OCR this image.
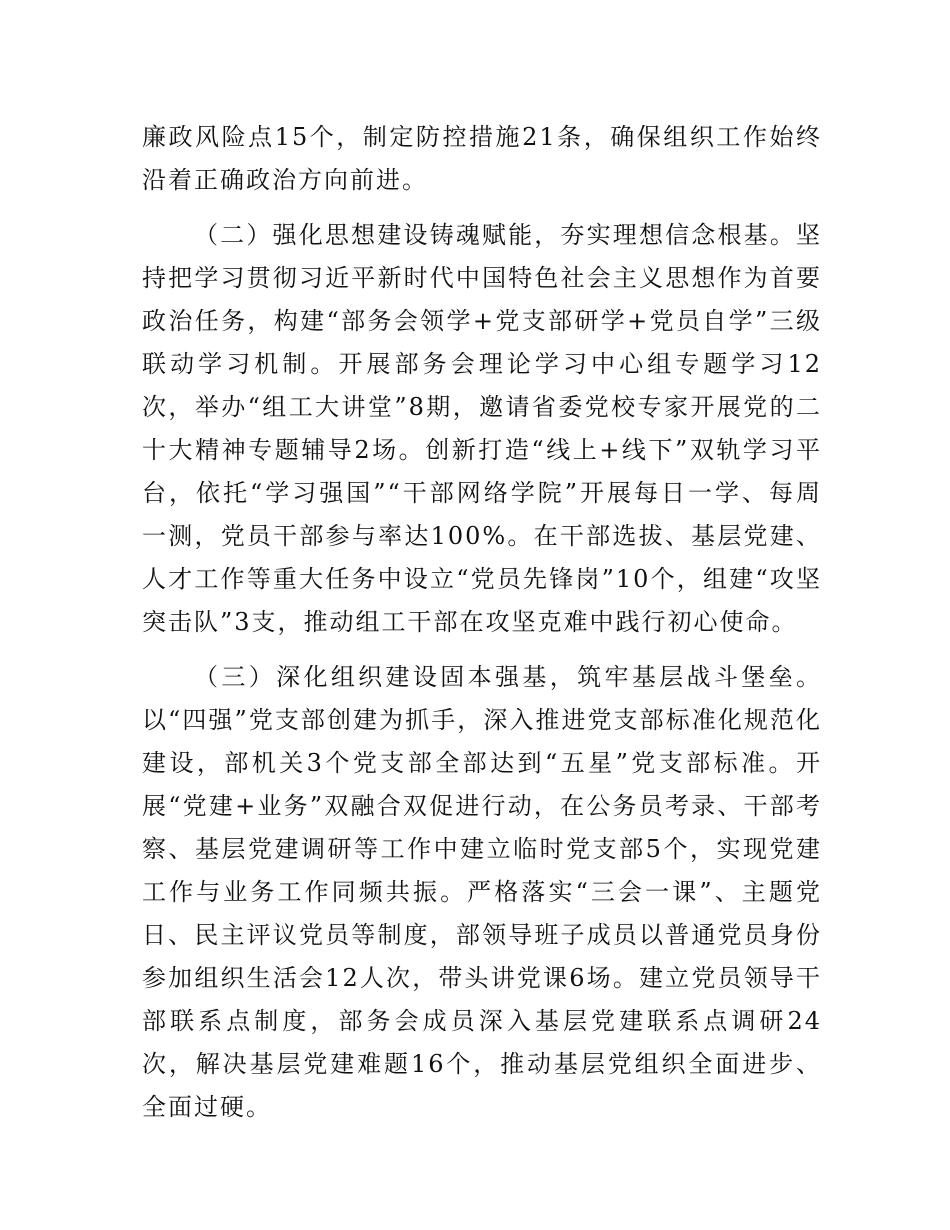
廉政风险点15个，制定防控措施21条，确保组织工作始终沿着正确政治方向前进。

（二）强化思想建设铸魂赋能，夯实理想信念根基。坚持把学习贯彻习近平新时代中国特色社会主义思想作为首要政治任务，构建“部务会领学+党支部研学+党员自学”三级联动学习机制。开展部务会理论学习中心组专题学习12次，举办“组工大讲堂”8期，邀请省委党校专家开展党的二十大精神专题辅导2场。创新打造“线上+线下”双轨学习平台，依托“学习强国”“干部网络学院”开展每日一学、每周一测，党员干部参与率达100%。在干部选拔、基层党建、人才工作等重大任务中设立“党员先锋岗”10个，组建“攻坚突击队”3支，推动组工干部在攻坚克难中践行初心使命。

（三）深化组织建设固本强基，筑牢基层战斗堡垒。以“四强”党支部创建为抓手，深入推进党支部标准化规范化建设，部机关3个党支部全部达到“五星”党支部标准。开展“党建+业务”双融合双促进行动，在公务员考录、干部考察、基层党建调研等工作中建立临时党支部5个，实现党建工作与业务工作同频共振。严格落实“三会一课”、主题党日、民主评议党员等制度，部领导班子成员以普通党员身份参加组织生活会12人次，带头讲党课6场。建立党员领导干部联系点制度，部务会成员深入基层党建联系点调研24次，解决基层党建难题16个，推动基层党组织全面进步、全面过硬。
